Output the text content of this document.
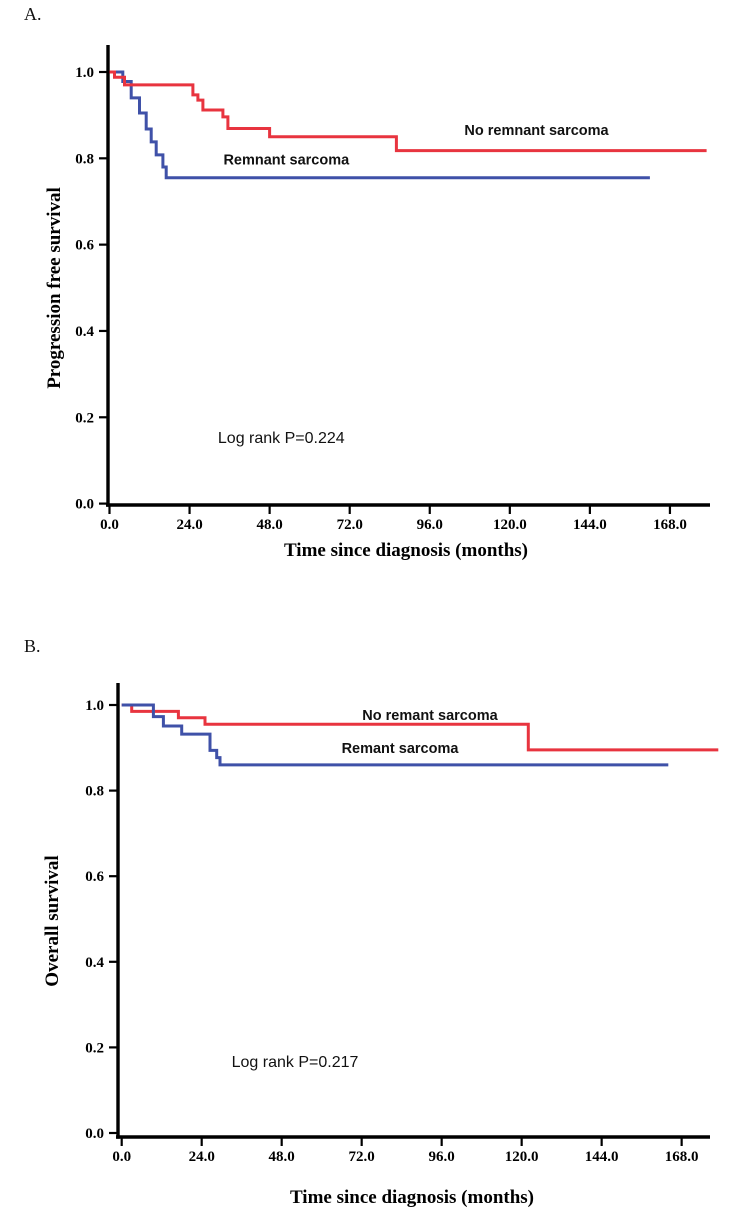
A.
1.0
0.8
0.6
0.4
0.2
0.0
0.0	24.0	48.0	72.0	96.0	120.0	144.0	168.0
Time since diagnosis (months)
Progression free survival
No remnant sarcoma
Remnant sarcoma
Log rank P=0.224
B.
1.0
0.8
0.6
0.4
0.2
0.0
0.0	24.0	48.0	72.0	96.0	120.0	144.0	168.0
Time since diagnosis (months)
Overall survival
No remant sarcoma
Remant sarcoma
Log rank P=0.217
